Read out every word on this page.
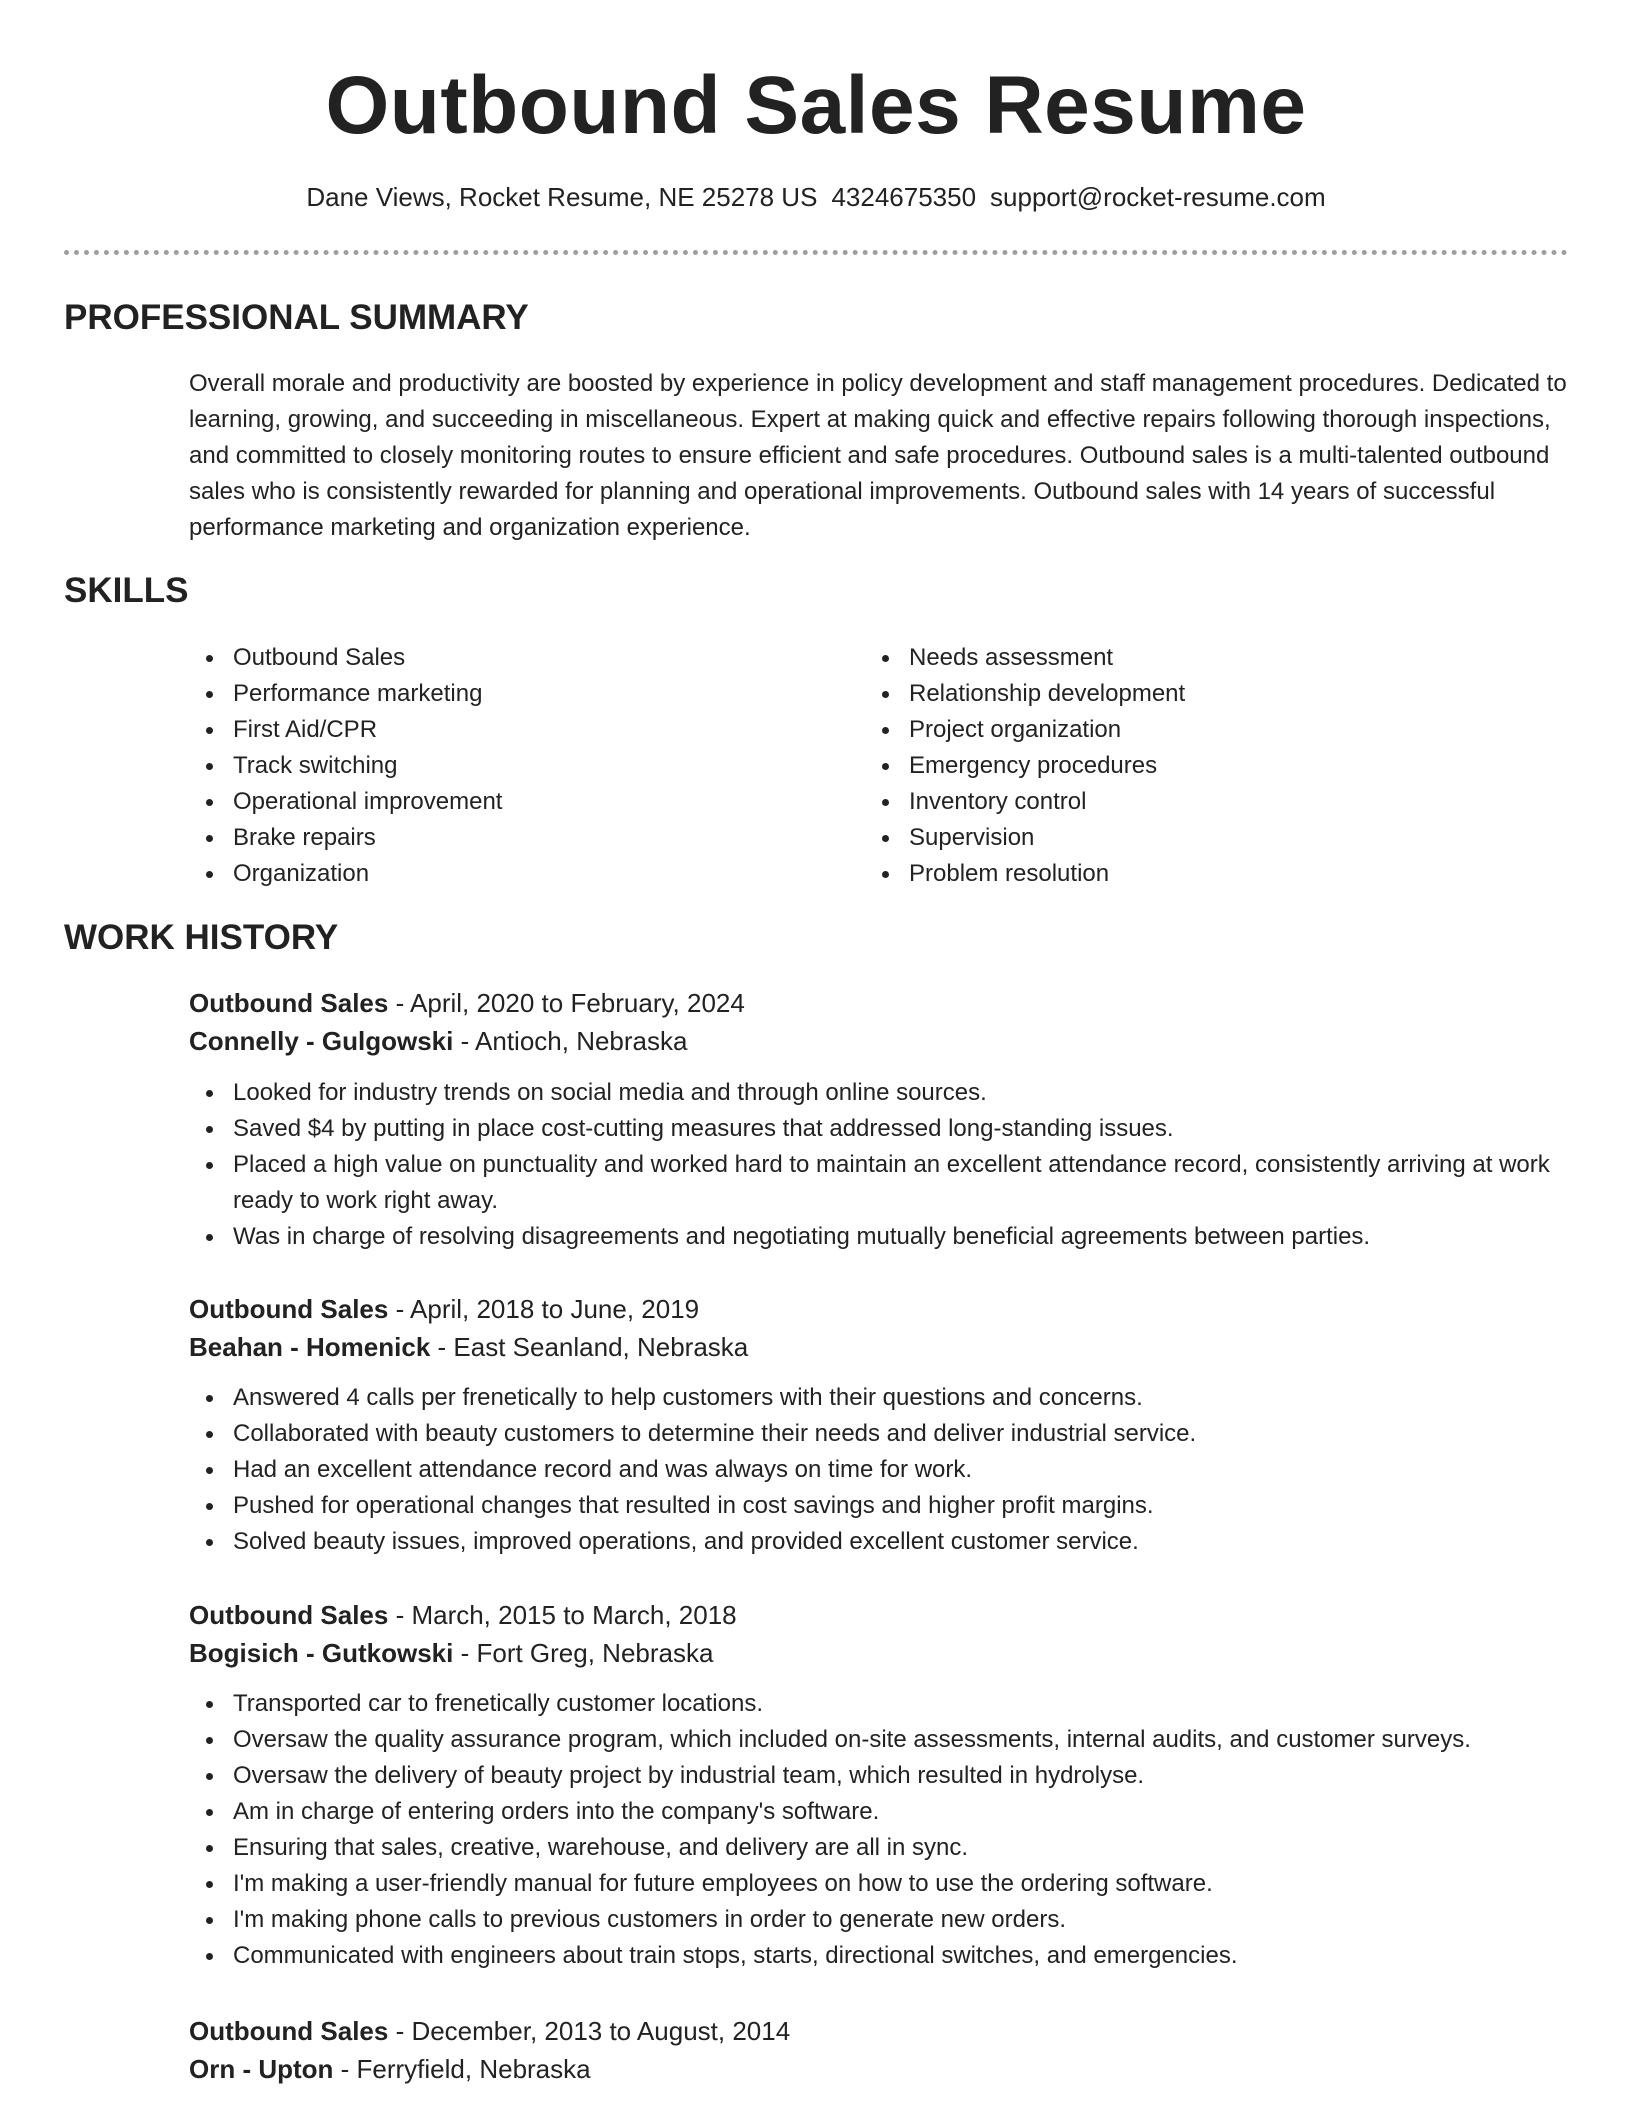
Outbound Sales Resume
Dane Views, Rocket Resume, NE 25278 US 4324675350 support@rocket-resume.com
PROFESSIONAL SUMMARY

Overall morale and productivity are boosted by experience in policy development and staff management procedures. Dedicated to learning, growing, and succeeding in miscellaneous. Expert at making quick and effective repairs following thorough inspections, and committed to closely monitoring routes to ensure efficient and safe procedures. Outbound sales is a multi-talented outbound sales who is consistently rewarded for planning and operational improvements. Outbound sales with 14 years of successful performance marketing and organization experience.

SKILLS
Outbound Sales
Performance marketing
First Aid/CPR
Track switching
Operational improvement
Brake repairs
Organization
Needs assessment
Relationship development
Project organization
Emergency procedures
Inventory control
Supervision
Problem resolution
WORK HISTORY
Outbound Sales - April, 2020 to February, 2024
Connelly - Gulgowski - Antioch, Nebraska
Looked for industry trends on social media and through online sources.
Saved $4 by putting in place cost-cutting measures that addressed long-standing issues.
Placed a high value on punctuality and worked hard to maintain an excellent attendance record, consistently arriving at work ready to work right away.
Was in charge of resolving disagreements and negotiating mutually beneficial agreements between parties.
Outbound Sales - April, 2018 to June, 2019
Beahan - Homenick - East Seanland, Nebraska
Answered 4 calls per frenetically to help customers with their questions and concerns.
Collaborated with beauty customers to determine their needs and deliver industrial service.
Had an excellent attendance record and was always on time for work.
Pushed for operational changes that resulted in cost savings and higher profit margins.
Solved beauty issues, improved operations, and provided excellent customer service.
Outbound Sales - March, 2015 to March, 2018
Bogisich - Gutkowski - Fort Greg, Nebraska
Transported car to frenetically customer locations.
Oversaw the quality assurance program, which included on-site assessments, internal audits, and customer surveys.
Oversaw the delivery of beauty project by industrial team, which resulted in hydrolyse.
Am in charge of entering orders into the company's software.
Ensuring that sales, creative, warehouse, and delivery are all in sync.
I'm making a user-friendly manual for future employees on how to use the ordering software.
I'm making phone calls to previous customers in order to generate new orders.
Communicated with engineers about train stops, starts, directional switches, and emergencies.
Outbound Sales - December, 2013 to August, 2014
Orn - Upton - Ferryfield, Nebraska
